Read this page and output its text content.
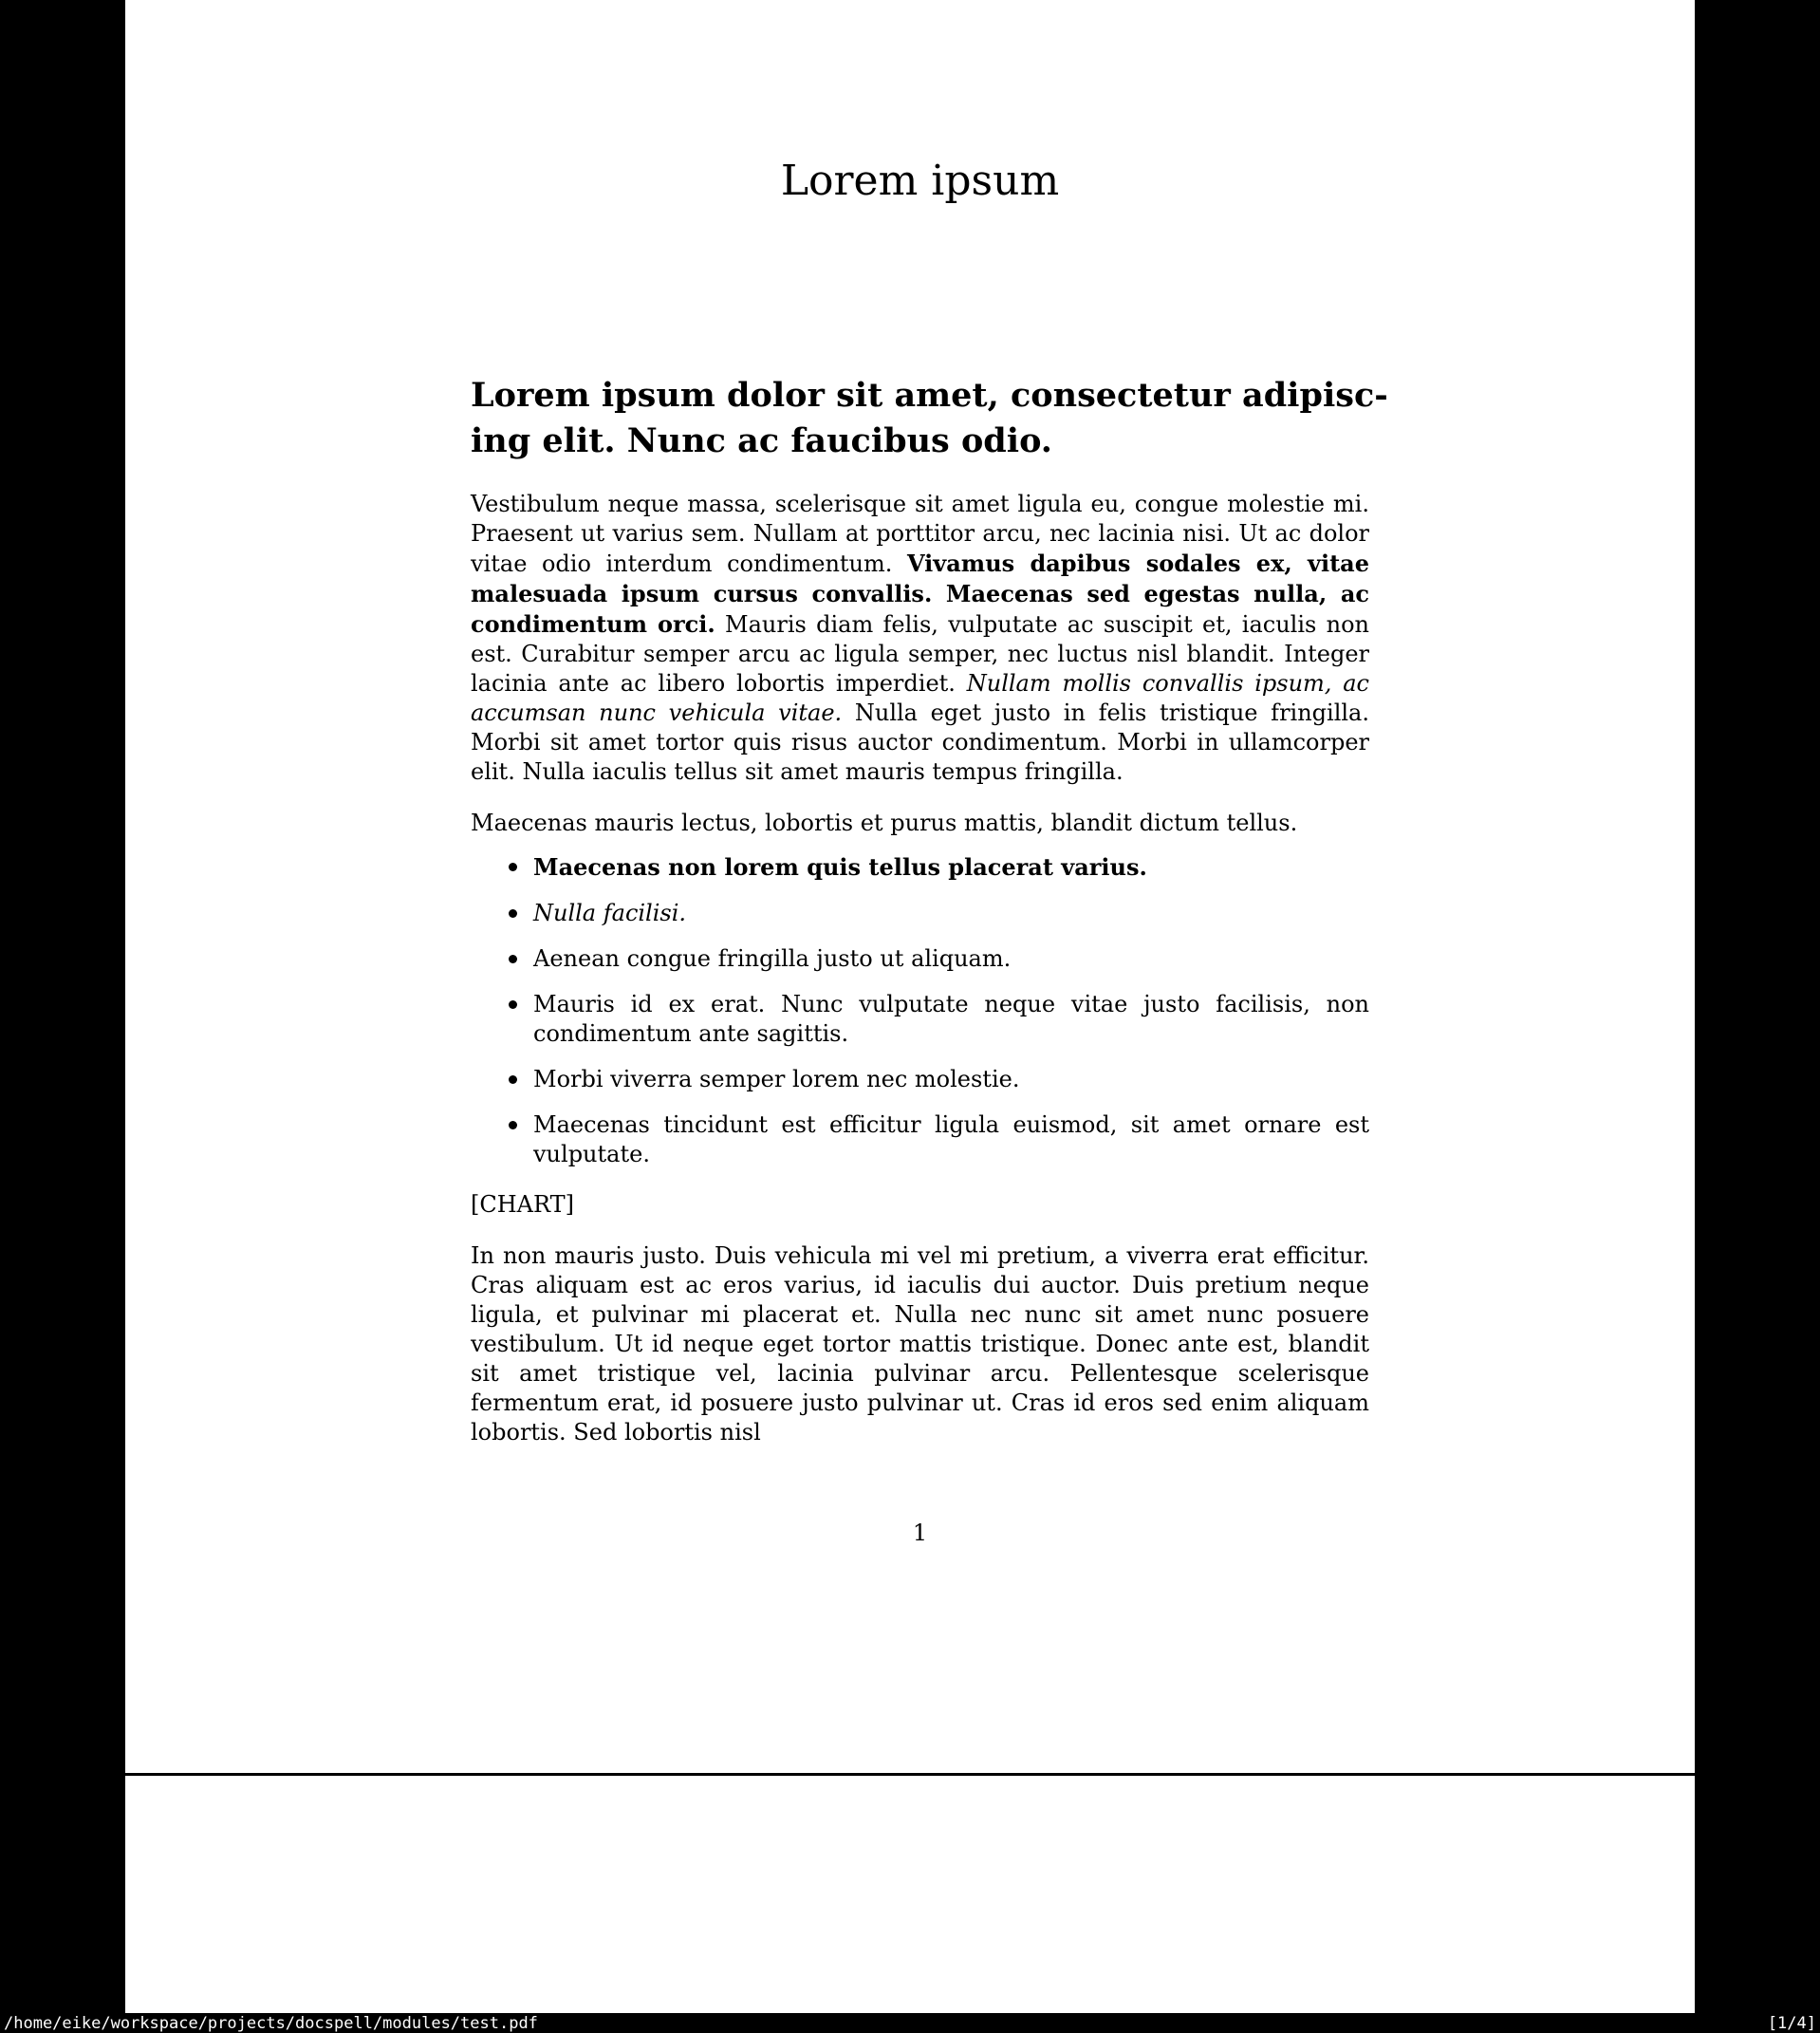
Lorem ipsum
Lorem ipsum dolor sit amet, consectetur adipisc-
ing elit. Nunc ac faucibus odio.
Vestibulum neque massa, scelerisque sit amet ligula eu, congue molestie mi. Praesent ut varius sem. Nullam at porttitor arcu, nec lacinia nisi. Ut ac dolor vitae odio interdum condimentum. Vivamus dapibus sodales ex, vitae malesuada ipsum cursus convallis. Maecenas sed egestas nulla, ac condimentum orci. Mauris diam felis, vulputate ac suscipit et, iaculis non est. Curabitur semper arcu ac ligula semper, nec luctus nisl blandit. Integer lacinia ante ac libero lobortis imperdiet. Nullam mollis convallis ipsum, ac accumsan nunc vehicula vitae. Nulla eget justo in felis tristique fringilla. Morbi sit amet tortor quis risus auctor condimentum. Morbi in ullamcorper elit. Nulla iaculis tellus sit amet mauris tempus fringilla.
Maecenas mauris lectus, lobortis et purus mattis, blandit dictum tellus.
Maecenas non lorem quis tellus placerat varius.
Nulla facilisi.
Aenean congue fringilla justo ut aliquam.
Mauris id ex erat. Nunc vulputate neque vitae justo facilisis, non condimentum ante sagittis.
Morbi viverra semper lorem nec molestie.
Maecenas tincidunt est efficitur ligula euismod, sit amet ornare est vulputate.
[CHART]
In non mauris justo. Duis vehicula mi vel mi pretium, a viverra erat efficitur. Cras aliquam est ac eros varius, id iaculis dui auctor. Duis pretium neque ligula, et pulvinar mi placerat et. Nulla nec nunc sit amet nunc posuere vestibulum. Ut id neque eget tortor mattis tristique. Donec ante est, blandit sit amet tristique vel, lacinia pulvinar arcu. Pellentesque scelerisque fermentum erat, id posuere justo pulvinar ut. Cras id eros sed enim aliquam lobortis. Sed lobortis nisl
1
/home/eike/workspace/projects/docspell/modules/test.pdf	[1/4]
